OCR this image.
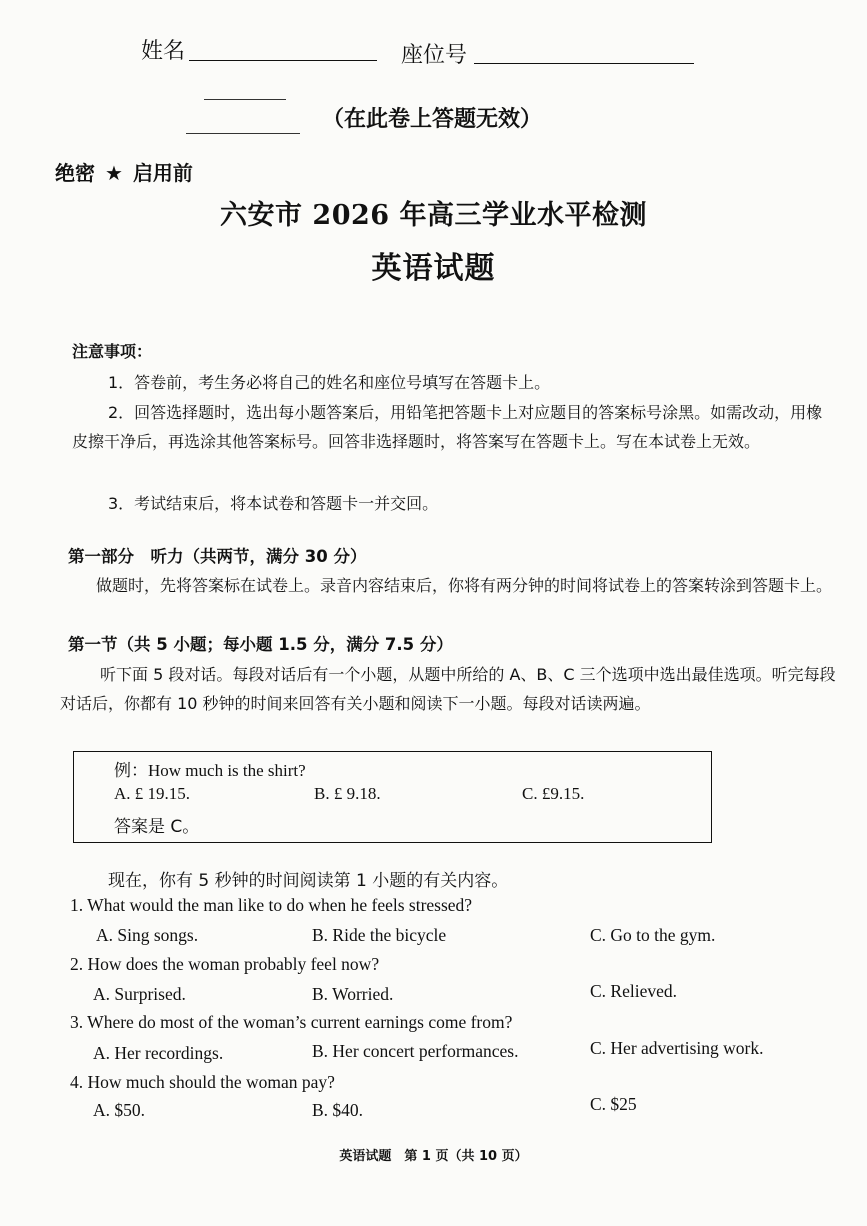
姓名	座位号
（在此卷上答题无效）
绝密 ★ 启用前
六安市 2026 年高三学业水平检测
英语试题
注意事项：
1．答卷前，考生务必将自己的姓名和座位号填写在答题卡上。
2．回答选择题时，选出每小题答案后，用铅笔把答题卡上对应题目的答案标号涂黑。如需改动，用橡皮擦干净后，再选涂其他答案标号。回答非选择题时，将答案写在答题卡上。写在本试卷上无效。
3．考试结束后，将本试卷和答题卡一并交回。
第一部分　听力（共两节，满分 30 分）
做题时，先将答案标在试卷上。录音内容结束后，你将有两分钟的时间将试卷上的答案转涂到答题卡上。
第一节（共 5 小题；每小题 1.5 分，满分 7.5 分）
听下面 5 段对话。每段对话后有一个小题，从题中所给的 A、B、C 三个选项中选出最佳选项。听完每段对话后，你都有 10 秒钟的时间来回答有关小题和阅读下一小题。每段对话读两遍。
例：How much is the shirt?
A. £ 19.15.	B. £ 9.18.	C. £9.15.
答案是 C。
现在，你有 5 秒钟的时间阅读第 1 小题的有关内容。
1. What would the man like to do when he feels stressed?
A. Sing songs.	B. Ride the bicycle	C. Go to the gym.
2. How does the woman probably feel now?
A. Surprised.	B. Worried.	C. Relieved.
3. Where do most of the woman’s current earnings come from?
A. Her recordings.	B. Her concert performances.	C. Her advertising work.
4. How much should the woman pay?
A. $50.	B. $40.	C. $25
英语试题　第 1 页（共 10 页）
